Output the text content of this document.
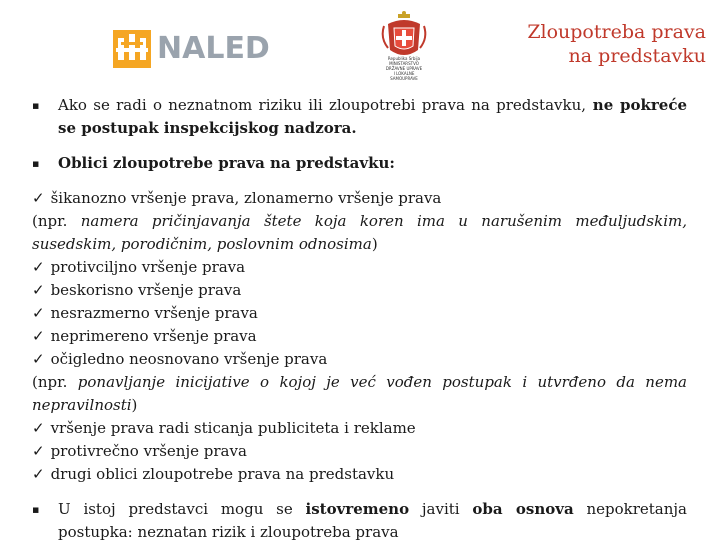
NALED	Republika Srbija
MINISTARSTVO
DRŽAVNE UPRAVE
I LOKALNE
SAMOUPRAVE
Zloupotreba prava
na predstavku
▪ Ako se radi o neznatnom riziku ili zloupotrebi prava na predstavku, ne pokreće se postupak inspekcijskog nadzora.
▪ Oblici zloupotrebe prava na predstavku:
✓ šikanozno vršenje prava, zlonamerno vršenje prava
(npr. namera pričinjavanja štete koja koren ima u narušenim međuljudskim, susedskim, porodičnim, poslovnim odnosima)
✓ protivciljno vršenje prava
✓ beskorisno vršenje prava
✓ nesrazmerno vršenje prava
✓ neprimereno vršenje prava
✓ očigledno neosnovano vršenje prava
(npr. ponavljanje inicijative o kojoj je već vođen postupak i utvrđeno da nema nepravilnosti)
✓ vršenje prava radi sticanja publiciteta i reklame
✓ protivrečno vršenje prava
✓ drugi oblici zloupotrebe prava na predstavku
▪ U istoj predstavci mogu se istovremeno javiti oba osnova nepokretanja postupka: neznatan rizik i zloupotreba prava
